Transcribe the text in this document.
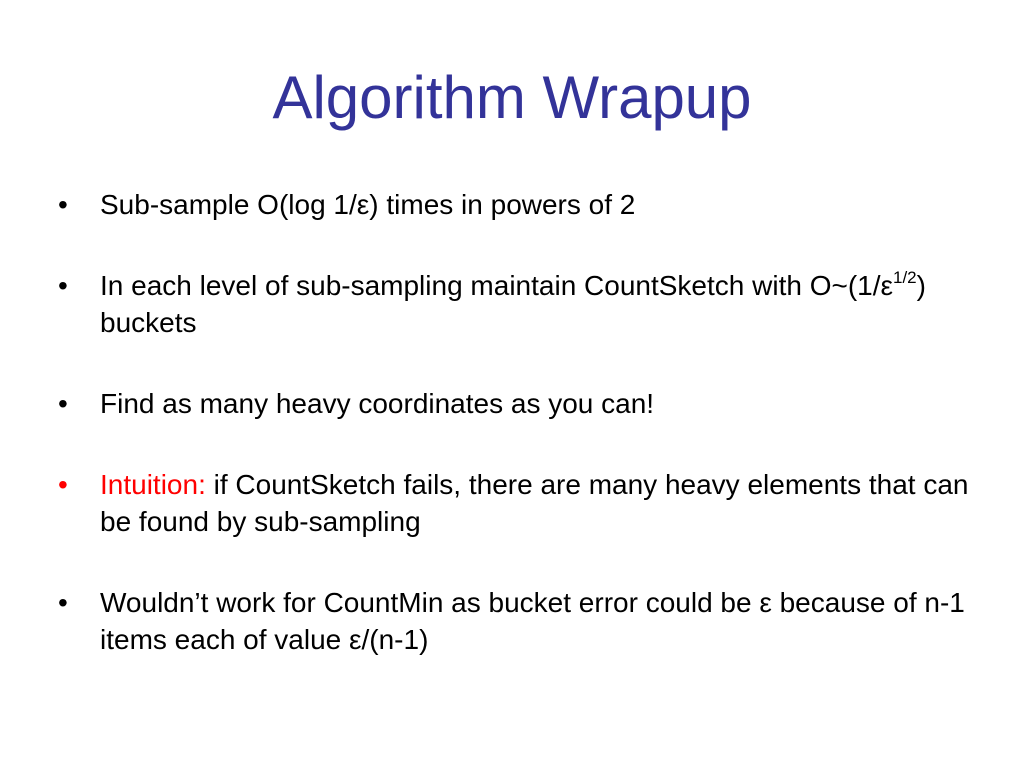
Algorithm Wrapup
•	Sub-sample O(log 1/ε) times in powers of 2
•	In each level of sub-sampling maintain CountSketch with $O\sim(1/\varepsilon^{1/2})$ buckets
•	Find as many heavy coordinates as you can!
•	Intuition: if CountSketch fails, there are many heavy elements that can be found by sub-sampling
•	Wouldn’t work for CountMin as bucket error could be ε because of n-1 items each of value ε/(n-1)
